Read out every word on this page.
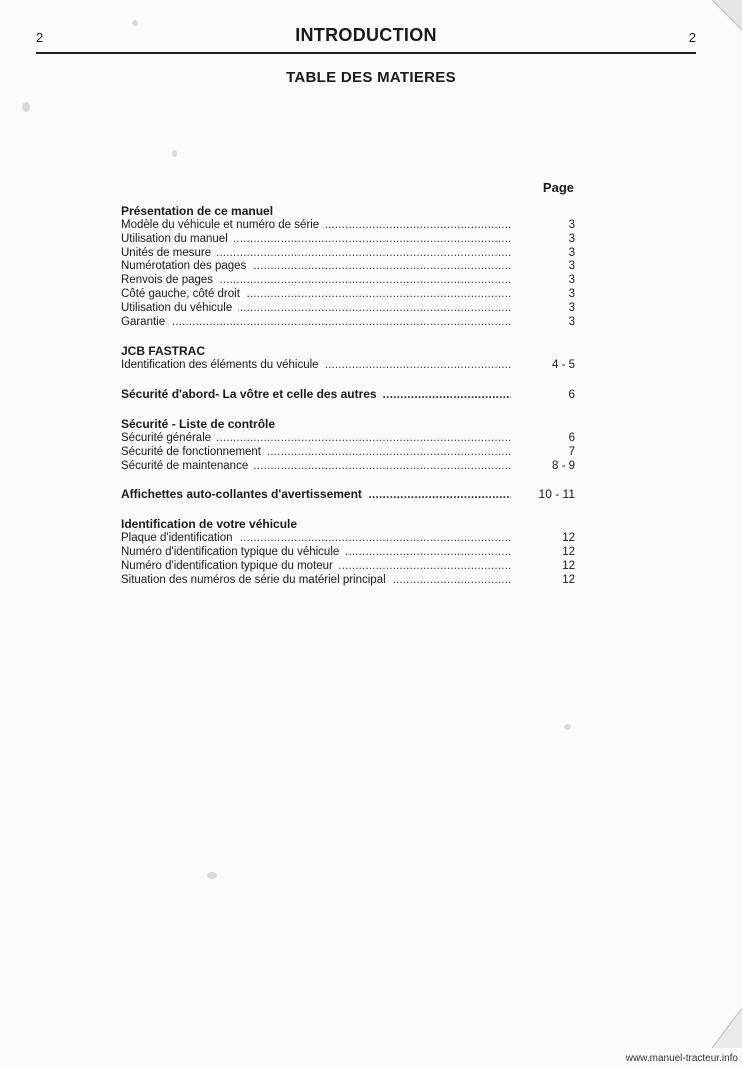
2	INTRODUCTION	2
TABLE DES MATIERES
Page
Présentation de ce manuel
.....
Modèle du véhicule et numéro de série	3
.....
Utilisation du manuel	3
.....
Unités de mesure	3
.....
Numérotation des pages	3
.....
Renvois de pages	3
.....
Côté gauche, côté droit	3
.....
Utilisation du véhicule	3
.....
Garantie	3
JCB FASTRAC
.....
Identification des éléments du véhicule	4 - 5
.....
Sécurité d'abord- La vôtre et celle des autres	6
Sécurité - Liste de contrôle
.....
Sécurité générale	6
.....
Sécurité de fonctionnement	7
.....
Sécurité de maintenance	8 - 9
.....
Affichettes auto-collantes d'avertissement	10 - 11
Identification de votre véhicule
.....
Plaque d'identification	12
.....
Numéro d'identification typique du véhicule	12
.....
Numéro d'identification typique du moteur	12
.....
Situation des numéros de série du matériel principal	12
www.manuel-tracteur.info
